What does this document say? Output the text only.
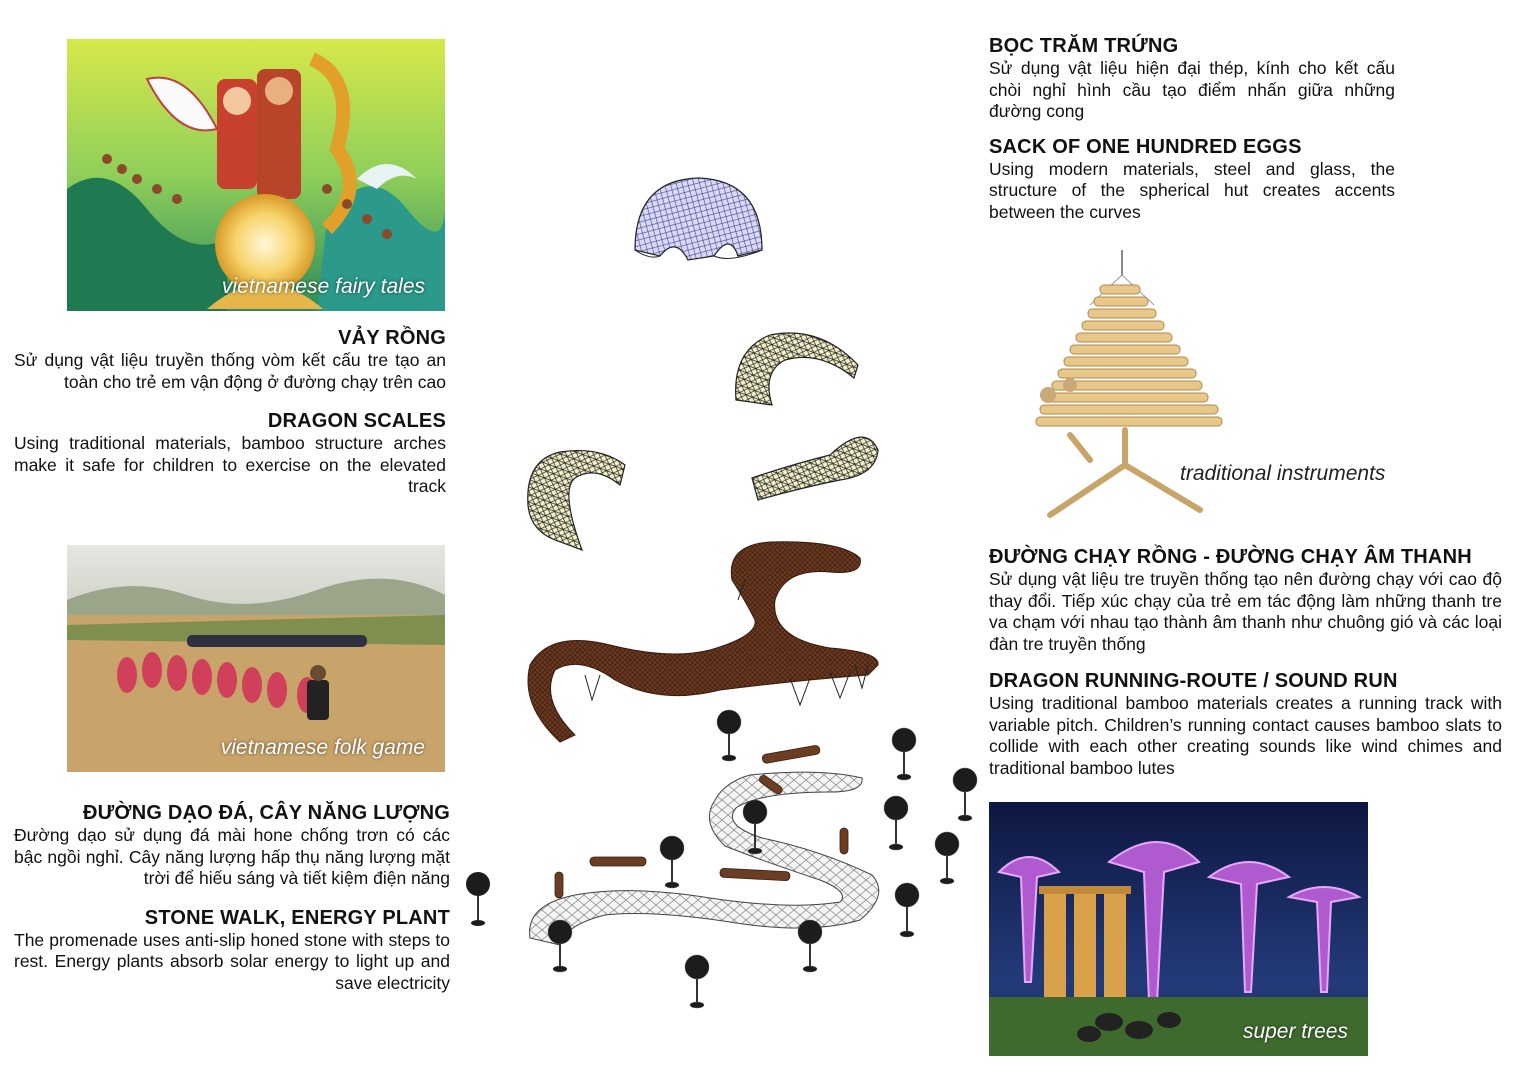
vietnamese fairy tales
vietnamese folk game
VẢY RỒNG
Sử dụng vật liệu truyền thống vòm kết cấu tre tạo an toàn cho trẻ em vận động ở đường chạy trên cao
DRAGON SCALES
Using traditional materials, bamboo structure arches make it safe for children to exercise on the elevated track
ĐƯỜNG DẠO ĐÁ, CÂY NĂNG LƯỢNG
Đường dạo sử dụng đá mài hone chống trơn có các bậc ngồi nghỉ. Cây năng lượng hấp thụ năng lượng mặt trời để hiếu sáng và tiết kiệm điện năng
STONE WALK, ENERGY PLANT
The promenade uses anti-slip honed stone with steps to rest. Energy plants absorb solar energy to light up and save electricity
BỌC TRĂM TRỨNG
Sử dụng vật liệu hiện đại thép, kính cho kết cấu chòi nghỉ hình cầu tạo điểm nhấn giữa những đường cong
SACK OF ONE HUNDRED EGGS
Using modern materials, steel and glass, the structure of the spherical hut creates accents between the curves
ĐƯỜNG CHẠY RỒNG - ĐƯỜNG CHẠY ÂM THANH
Sử dụng vật liệu tre truyền thống tạo nên đường chạy với cao độ thay đổi. Tiếp xúc chạy của trẻ em tác động làm những thanh tre va chạm với nhau tạo thành âm thanh như chuông gió và các loại đàn tre truyền thống
DRAGON RUNNING-ROUTE / SOUND RUN
Using traditional bamboo materials creates a running track with variable pitch. Children’s running contact causes bamboo slats to collide with each other creating sounds like wind chimes and traditional bamboo lutes
traditional instruments
super trees
